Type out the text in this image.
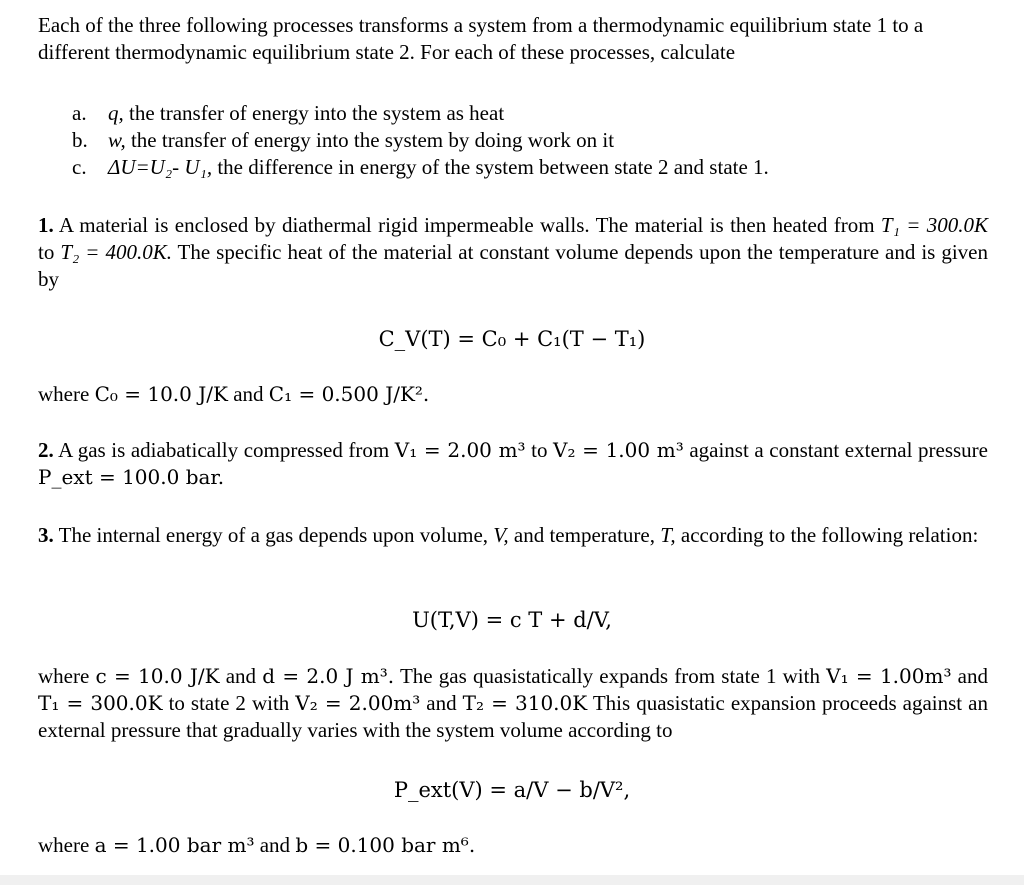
Each of the three following processes transforms a system from a thermodynamic equilibrium state 1 to a different thermodynamic equilibrium state 2. For each of these processes, calculate

a. q, the transfer of energy into the system as heat
b. w, the transfer of energy into the system by doing work on it
c. ΔU=U₂- U₁, the difference in energy of the system between state 2 and state 1.

1. A material is enclosed by diathermal rigid impermeable walls. The material is then heated from T₁ = 300.0K to T₂ = 400.0K. The specific heat of the material at constant volume depends upon the temperature and is given by

C_V(T) = C₀ + C₁(T − T₁)

where C₀ = 10.0 J/K and C₁ = 0.500 J/K².

2. A gas is adiabatically compressed from V₁ = 2.00 m³ to V₂ = 1.00 m³ against a constant external pressure P_ext = 100.0 bar.

3. The internal energy of a gas depends upon volume, V, and temperature, T, according to the following relation:

U(T,V) = c T + d/V,

where c = 10.0 J/K and d = 2.0 J m³. The gas quasistatically expands from state 1 with V₁ = 1.00m³ and T₁ = 300.0K to state 2 with V₂ = 2.00m³ and T₂ = 310.0K This quasistatic expansion proceeds against an external pressure that gradually varies with the system volume according to

P_ext(V) = a/V − b/V²,

where a = 1.00 bar m³ and b = 0.100 bar m⁶.
